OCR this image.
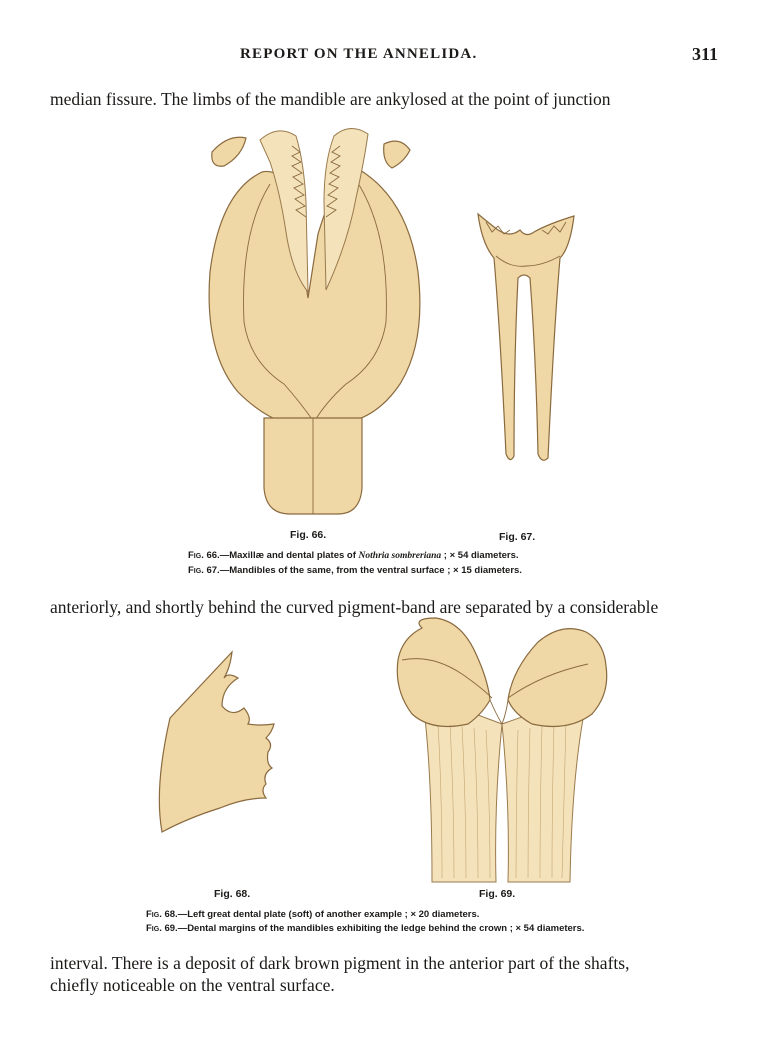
REPORT ON THE ANNELIDA.	311
median fissure. The limbs of the mandible are ankylosed at the point of junction
Fig. 66.	Fig. 67.
Fig. 66.—Maxillæ and dental plates of Nothria sombreriana ; × 54 diameters.
Fig. 67.—Mandibles of the same, from the ventral surface ; × 15 diameters.
anteriorly, and shortly behind the curved pigment-band are separated by a considerable
Fig. 68.	Fig. 69.
Fig. 68.—Left great dental plate (soft) of another example ; × 20 diameters.
Fig. 69.—Dental margins of the mandibles exhibiting the ledge behind the crown ; × 54 diameters.
interval. There is a deposit of dark brown pigment in the anterior part of the shafts,
chiefly noticeable on the ventral surface.
